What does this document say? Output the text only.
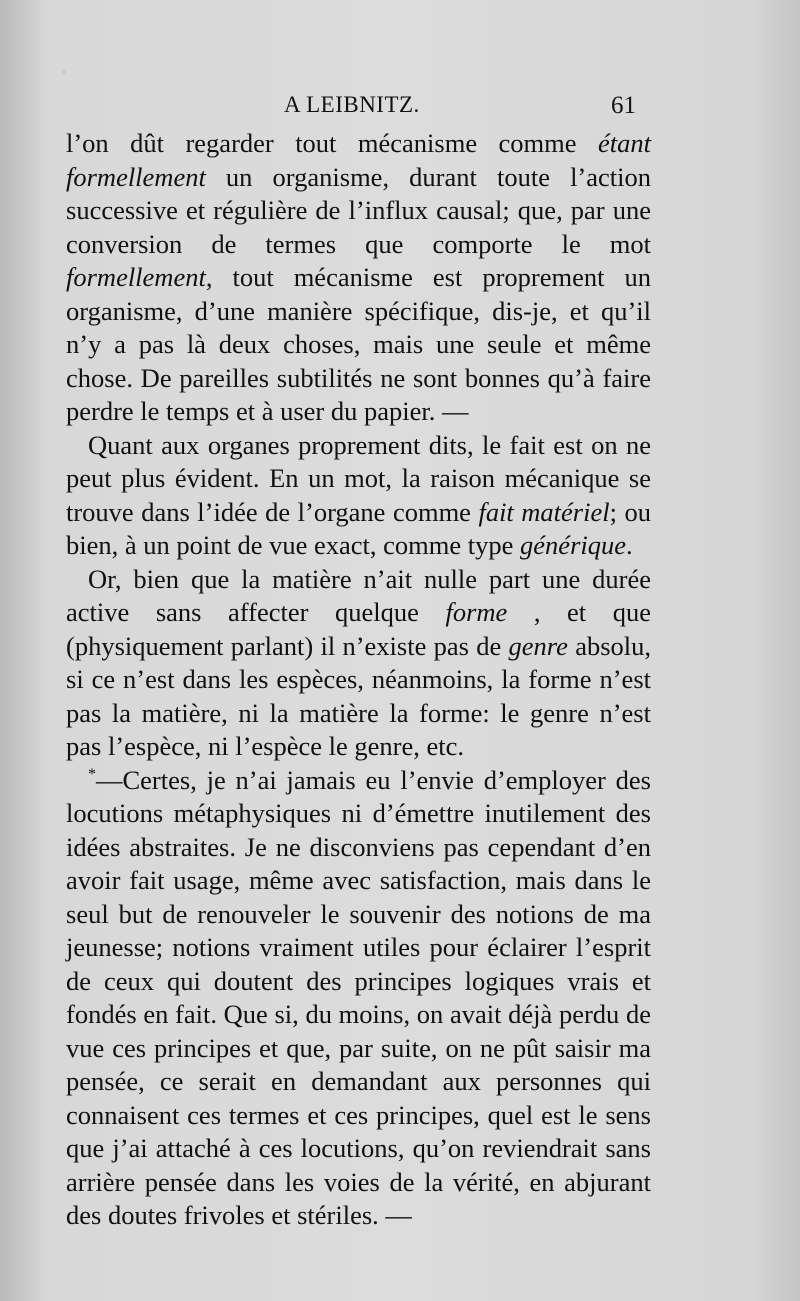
·
A LEIBNITZ.	61

l’on dût regarder tout mécanisme comme étant formellement un organisme, durant toute l’action successive et régulière de l’influx causal; que, par une conversion de termes que comporte le mot formellement, tout mécanisme est proprement un organisme, d’une manière spécifique, dis-je, et qu’il n’y a pas là deux choses, mais une seule et même chose. De pareilles subtilités ne sont bonnes qu’à faire perdre le temps et à user du papier. —

Quant aux organes proprement dits, le fait est on ne peut plus évident. En un mot, la raison mécanique se trouve dans l’idée de l’organe comme fait matériel; ou bien, à un point de vue exact, comme type générique.

Or, bien que la matière n’ait nulle part une durée active sans affecter quelque forme , et que (physiquement parlant) il n’existe pas de genre absolu, si ce n’est dans les espèces, néanmoins, la forme n’est pas la matière, ni la matière la forme: le genre n’est pas l’espèce, ni l’espèce le genre, etc.

*—Certes, je n’ai jamais eu l’envie d’employer des locutions métaphysiques ni d’émettre inutilement des idées abstraites. Je ne disconviens pas cependant d’en avoir fait usage, même avec satisfaction, mais dans le seul but de renouveler le souvenir des notions de ma jeunesse; notions vraiment utiles pour éclairer l’esprit de ceux qui doutent des principes logiques vrais et fondés en fait. Que si, du moins, on avait déjà perdu de vue ces principes et que, par suite, on ne pût saisir ma pensée, ce serait en demandant aux personnes qui connaisent ces termes et ces principes, quel est le sens que j’ai attaché à ces locutions, qu’on reviendrait sans arrière pensée dans les voies de la vérité, en abjurant des doutes frivoles et stériles. —
